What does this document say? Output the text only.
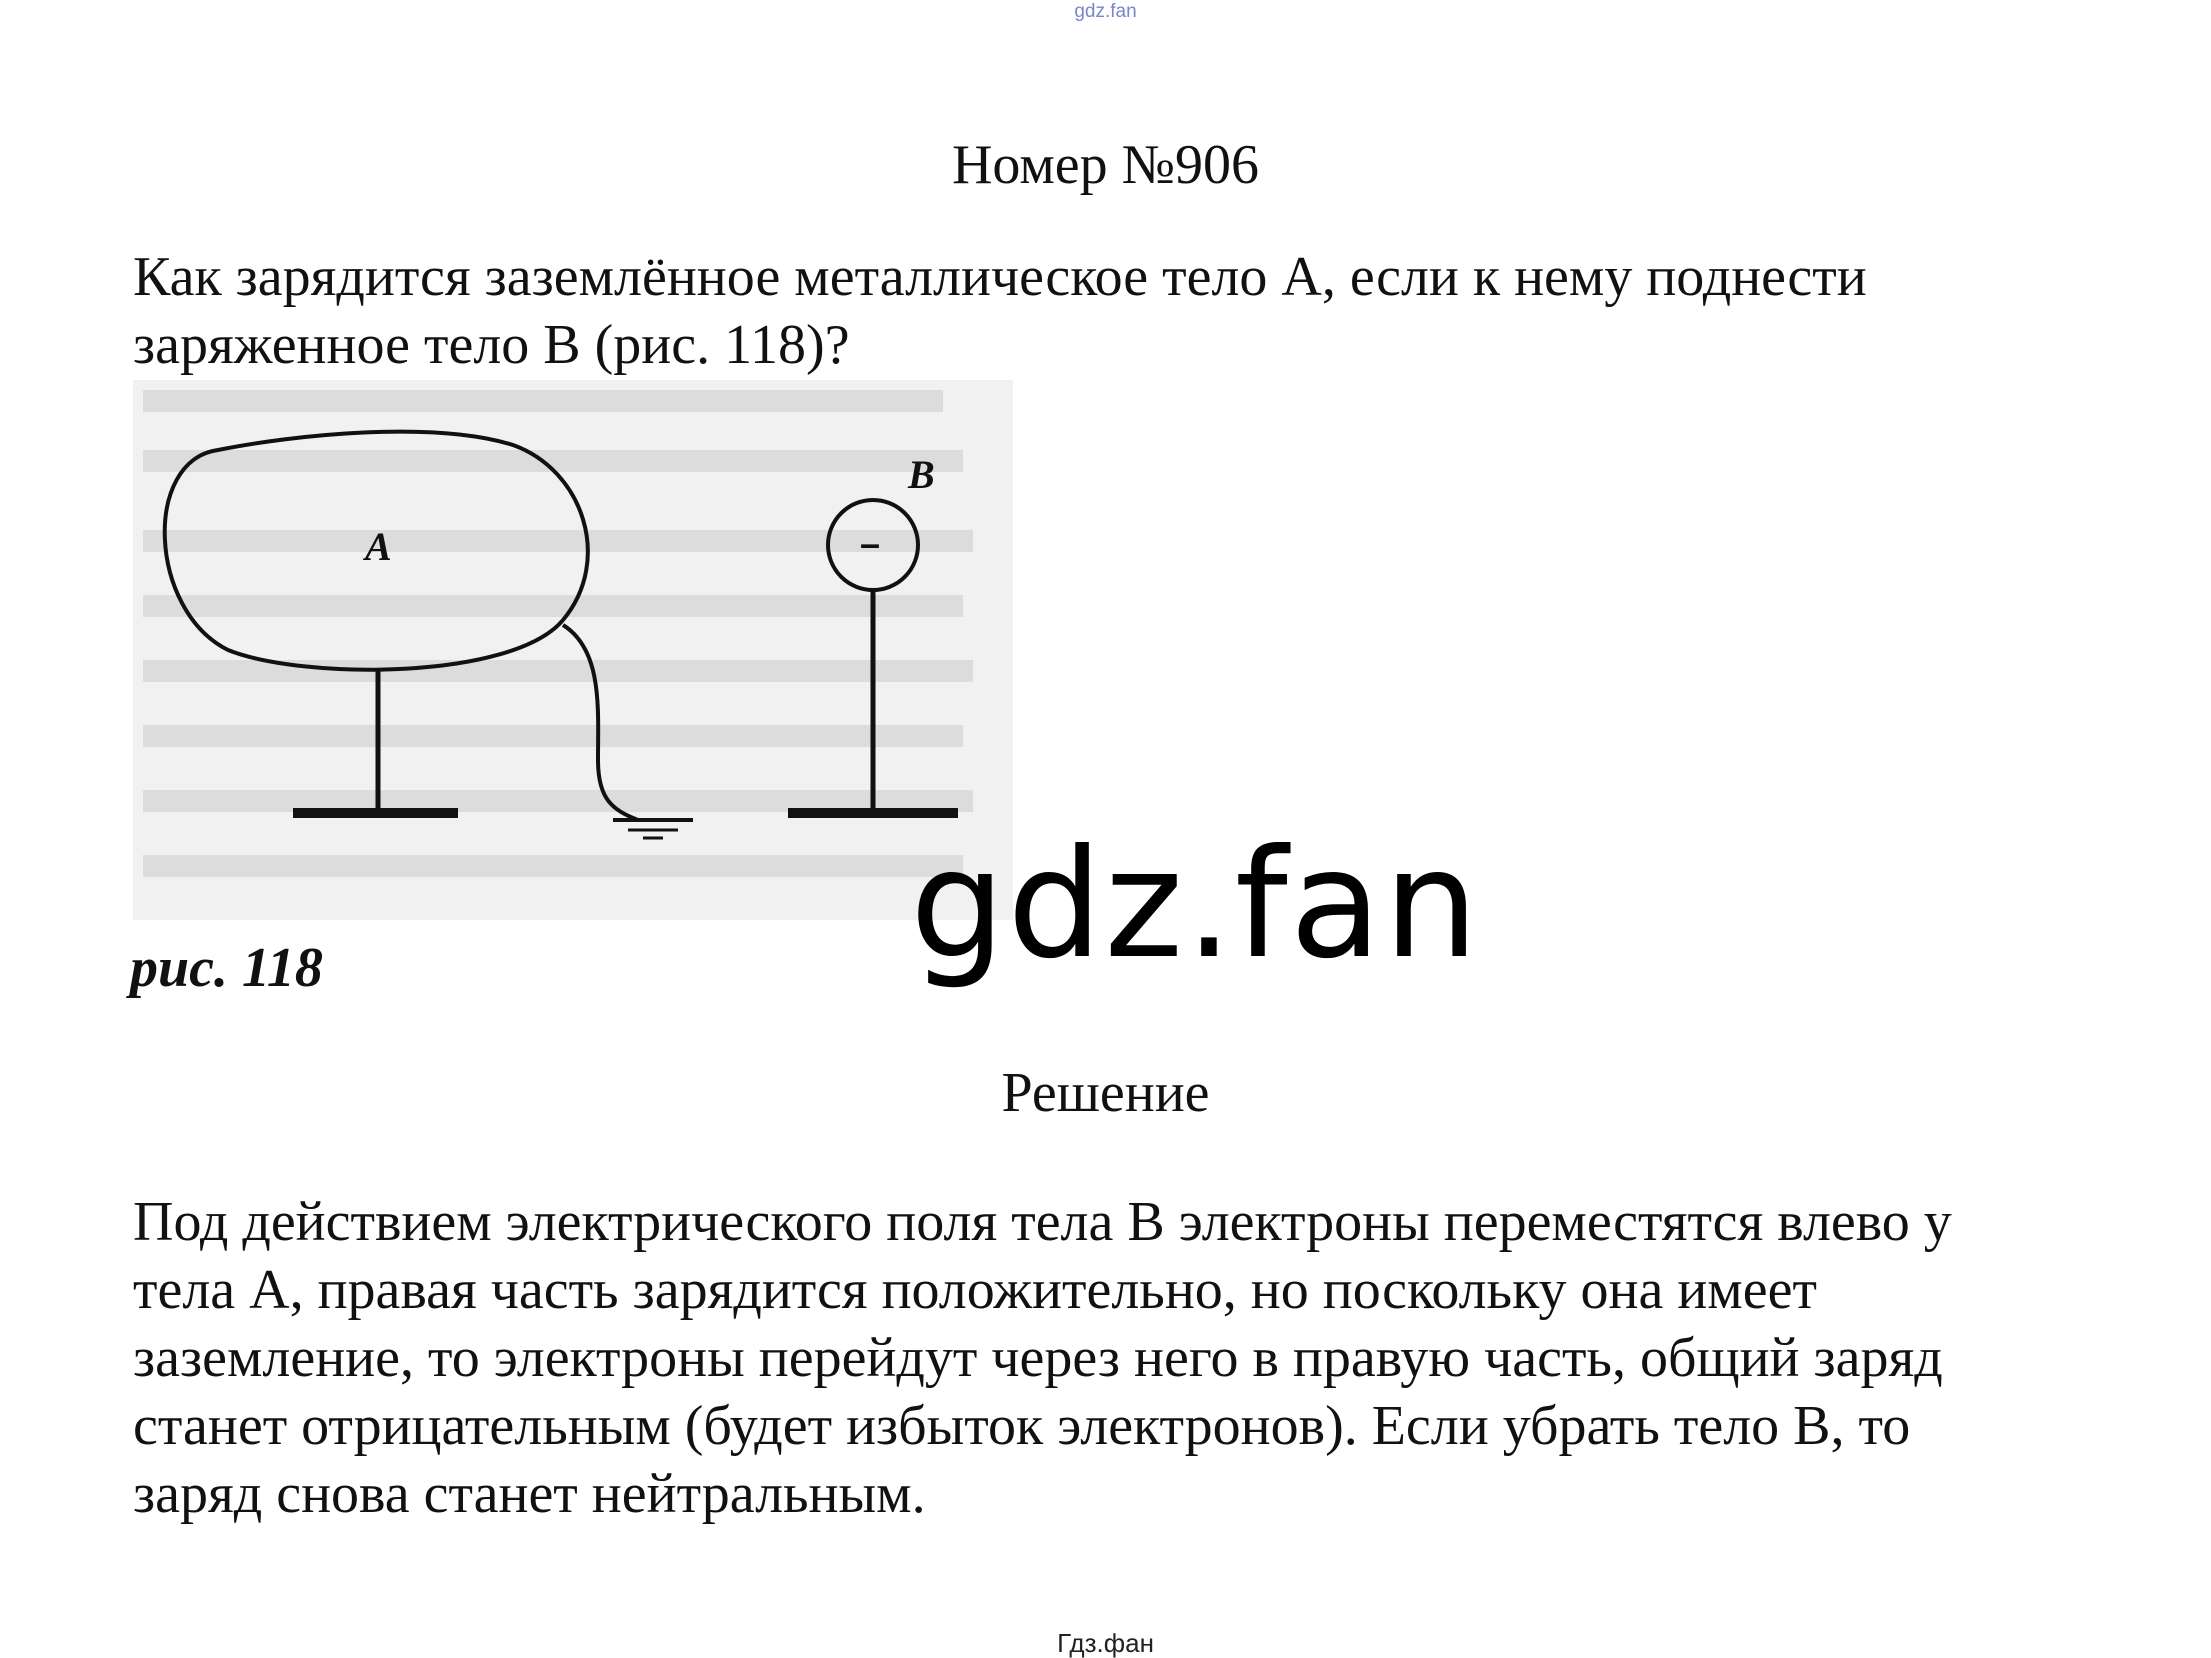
gdz.fan
Номер №906
Как зарядится заземлённое металлическое тело А, если к нему поднести
заряженное тело В (рис. 118)?
A	–
B
рис. 118	gdz.fan
Решение
Под действием электрического поля тела В электроны переместятся влево у
тела А, правая часть зарядится положительно, но поскольку она имеет
заземление, то электроны перейдут через него в правую часть, общий заряд
станет отрицательным (будет избыток электронов). Если убрать тело В, то
заряд снова станет нейтральным.
Гдз.фан
